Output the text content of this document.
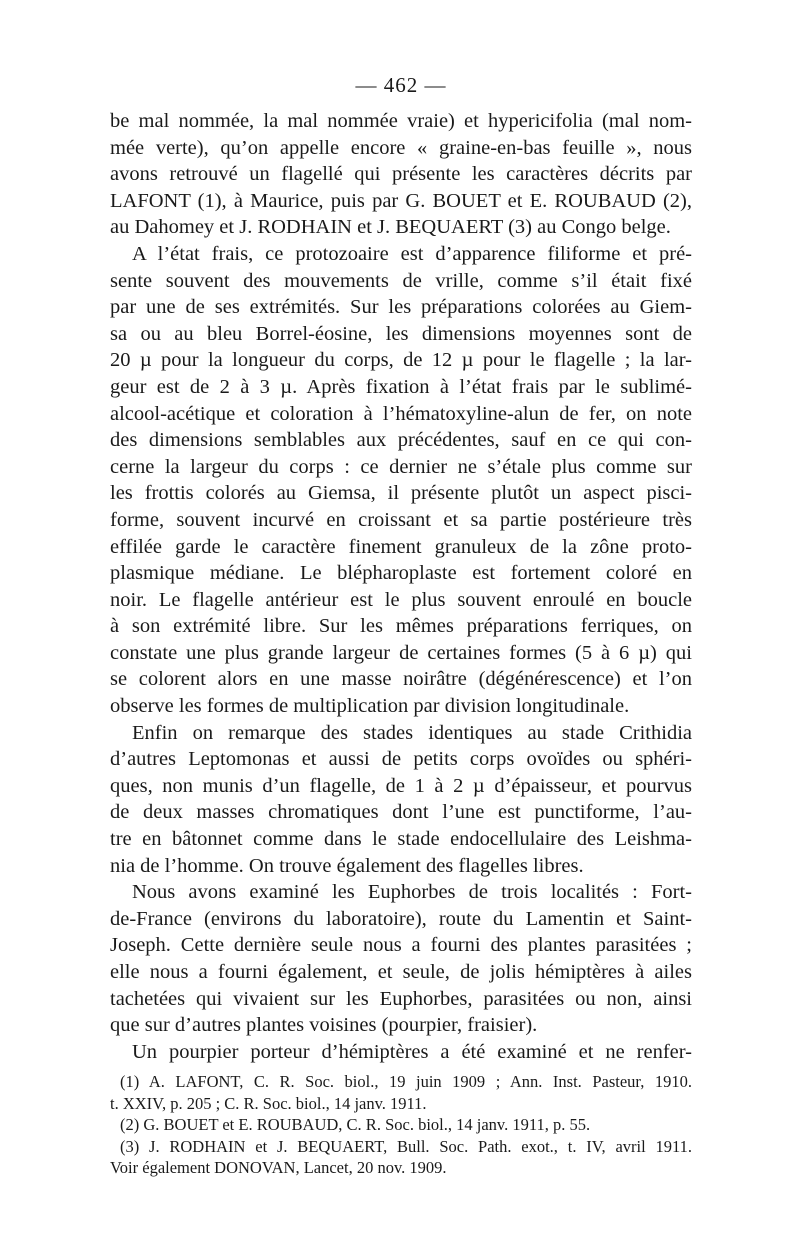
— 462 —
be mal nommée, la mal nommée vraie) et hypericifolia (mal nom-
mée verte), qu’on appelle encore « graine-en-bas feuille », nous
avons retrouvé un flagellé qui présente les caractères décrits par
LAFONT (1), à Maurice, puis par G. BOUET et E. ROUBAUD (2),
au Dahomey et J. RODHAIN et J. BEQUAERT (3) au Congo belge.
A l’état frais, ce protozoaire est d’apparence filiforme et pré-
sente souvent des mouvements de vrille, comme s’il était fixé
par une de ses extrémités. Sur les préparations colorées au Giem-
sa ou au bleu Borrel-éosine, les dimensions moyennes sont de
20 µ pour la longueur du corps, de 12 µ pour le flagelle ; la lar-
geur est de 2 à 3 µ. Après fixation à l’état frais par le sublimé-
alcool-acétique et coloration à l’hématoxyline-alun de fer, on note
des dimensions semblables aux précédentes, sauf en ce qui con-
cerne la largeur du corps : ce dernier ne s’étale plus comme sur
les frottis colorés au Giemsa, il présente plutôt un aspect pisci-
forme, souvent incurvé en croissant et sa partie postérieure très
effilée garde le caractère finement granuleux de la zône proto-
plasmique médiane. Le blépharoplaste est fortement coloré en
noir. Le flagelle antérieur est le plus souvent enroulé en boucle
à son extrémité libre. Sur les mêmes préparations ferriques, on
constate une plus grande largeur de certaines formes (5 à 6 µ) qui
se colorent alors en une masse noirâtre (dégénérescence) et l’on
observe les formes de multiplication par division longitudinale.
Enfin on remarque des stades identiques au stade Crithidia
d’autres Leptomonas et aussi de petits corps ovoïdes ou sphéri-
ques, non munis d’un flagelle, de 1 à 2 µ d’épaisseur, et pourvus
de deux masses chromatiques dont l’une est punctiforme, l’au-
tre en bâtonnet comme dans le stade endocellulaire des Leishma-
nia de l’homme. On trouve également des flagelles libres.
Nous avons examiné les Euphorbes de trois localités : Fort-
de-France (environs du laboratoire), route du Lamentin et Saint-
Joseph. Cette dernière seule nous a fourni des plantes parasitées ;
elle nous a fourni également, et seule, de jolis hémiptères à ailes
tachetées qui vivaient sur les Euphorbes, parasitées ou non, ainsi
que sur d’autres plantes voisines (pourpier, fraisier).
Un pourpier porteur d’hémiptères a été examiné et ne renfer-
(1) A. LAFONT, C. R. Soc. biol., 19 juin 1909 ; Ann. Inst. Pasteur, 1910.
t. XXIV, p. 205 ; C. R. Soc. biol., 14 janv. 1911.
(2) G. BOUET et E. ROUBAUD, C. R. Soc. biol., 14 janv. 1911, p. 55.
(3) J. RODHAIN et J. BEQUAERT, Bull. Soc. Path. exot., t. IV, avril 1911.
Voir également DONOVAN, Lancet, 20 nov. 1909.
